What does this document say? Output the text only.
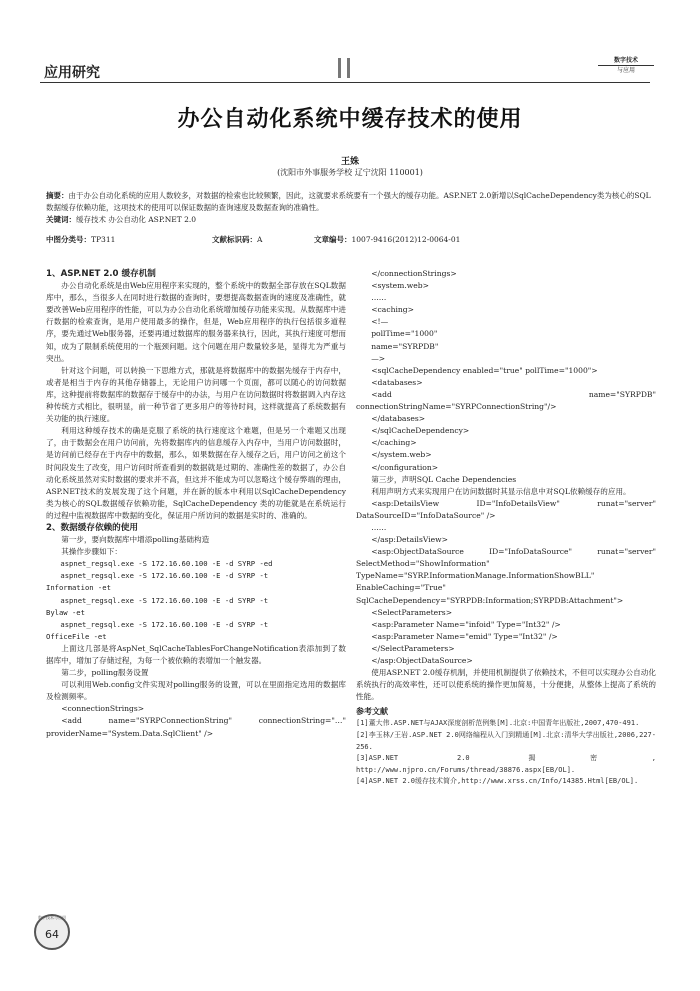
应用研究
数字技术
与应用
办公自动化系统中缓存技术的使用
王姝
(沈阳市外事服务学校 辽宁沈阳 110001)
摘要：由于办公自动化系统的应用人数较多，对数据的检索也比较频繁，因此，这就要求系统要有一个强大的缓存功能。ASP.NET 2.0新增以SqlCacheDependency类为核心的SQL数据缓存依赖功能，这项技术的使用可以保证数据的查询速度及数据查询的准确性。
关键词：缓存技术 办公自动化 ASP.NET 2.0
中图分类号：TP311	文献标识码：A	文章编号：1007-9416(2012)12-0064-01

1、ASP.NET 2.0 缓存机制

办公自动化系统是由Web应用程序来实现的，整个系统中的数据全部存放在SQL数据库中，那么，当很多人在同时进行数据的查询时，要想提高数据查询的速度及准确性，就要改善Web应用程序的性能，可以为办公自动化系统增加缓存功能来实现。从数据库中进行数据的检索查询，是用户使用最多的操作，但是，Web应用程序的执行包括很多道程序，要先通过Web服务器，还要再通过数据库的服务器来执行，因此，其执行速度可想而知，成为了限制系统使用的一个瓶颈问题。这个问题在用户数量较多是，显得尤为严重与突出。

针对这个问题，可以转换一下思维方式，那就是将数据库中的数据先缓存于内存中，或者是相当于内存的其他存储器上，无论用户访问哪一个页面，都可以随心的访问数据库，这种提前将数据库的数据存于缓存中的办法，与用户在访问数据时将数据调入内存这种传统方式相比，很明显，前一种节省了更多用户的等待时间，这样就提高了系统数据有关功能的执行速度。

利用这种缓存技术的确是克服了系统的执行速度这个难题，但是另一个难题又出现了，由于数据会在用户访问前，先将数据库内的信息缓存入内存中，当用户访问数据时，是访问前已经存在于内存中的数据，那么，如果数据在存入缓存之后，用户访问之前这个时间段发生了改变，用户访问时所查看到的数据就是过期的、准确性差的数据了，办公自动化系统虽然对实时数据的要求并不高，但这并不能成为可以忽略这个缓存弊端的理由，ASP.NET技术的发展发现了这个问题，并在新的版本中利用以SqlCacheDependency类为核心的SQL数据缓存依赖功能，SqlCacheDependency 类的功能就是在系统运行的过程中监视数据库中数据的变化，保证用户所访问的数据是实时的、准确的。

2、数据缓存依赖的使用

第一步，要向数据库中增添polling基础构造

其操作步骤如下：

aspnet_regsql.exe -S 172.16.60.100 -E -d SYRP -ed

aspnet_regsql.exe -S 172.16.60.100 -E -d SYRP -t

Information -et

aspnet_regsql.exe -S 172.16.60.100 -E -d SYRP -t

Bylaw -et

aspnet_regsql.exe -S 172.16.60.100 -E -d SYRP -t

OfficeFile -et

上面这几部是将AspNet_SqlCacheTablesForChangeNotification表添加到了数据库中，增加了存储过程，为每一个被依赖的表增加一个触发器。

第二步，polling服务设置

可以利用Web.config文件实现对polling服务的设置，可以在里面指定选用的数据库及检测频率。

<connectionStrings>

<add name="SYRPConnectionString" connectionString="…" providerName="System.Data.SqlClient" />

</connectionStrings>

<system.web>

……

<caching>

<!—

pollTime="1000"

name="SYRPDB"

—>

<sqlCacheDependency enabled="true" pollTime="1000">

<databases>

<add name="SYRPDB" connectionStringName="SYRPConnectionString"/>

</databases>

</sqlCacheDependency>

</caching>

</system.web>

</configuration>

第三步，声明SQL Cache Dependencies

利用声明方式来实现用户在访问数据时其显示信息中对SQL依赖缓存的应用。

<asp:DetailsView ID="InfoDetailsView" runat="server" DataSourceID="InfoDataSource" />

……

</asp:DetailsView>

<asp:ObjectDataSource ID="InfoDataSource" runat="server" SelectMethod="ShowInformation" TypeName="SYRP.InformationManage.InformationShowBLL" EnableCaching="True" SqlCacheDependency="SYRPDB:Information;SYRPDB:Attachment">

<SelectParameters>

<asp:Parameter Name="infoid" Type="Int32" />

<asp:Parameter Name="emid" Type="Int32" />

</SelectParameters>

</asp:ObjectDataSource>

使用ASP.NET 2.0缓存机制，并使用机制提供了依赖技术，不但可以实现办公自动化系统执行的高效率性，还可以使系统的操作更加简易，十分便捷，从整体上提高了系统的性能。

参考文献
[1]董大伟.ASP.NET与AJAX深度剖析范例集[M].北京:中国青年出版社,2007,470-491.
[2]李玉林/王岩.ASP.NET 2.0网络编程从入门到精通[M].北京:清华大学出版社,2006,227-256.
[3]ASP.NET 2.0 揭密, http://www.njpro.cn/Forums/thread/38876.aspx[EB/OL].
[4]ASP.NET 2.0缓存技术简介,http://www.xrss.cn/Info/14385.Html[EB/OL].
数字技术与应用
64
